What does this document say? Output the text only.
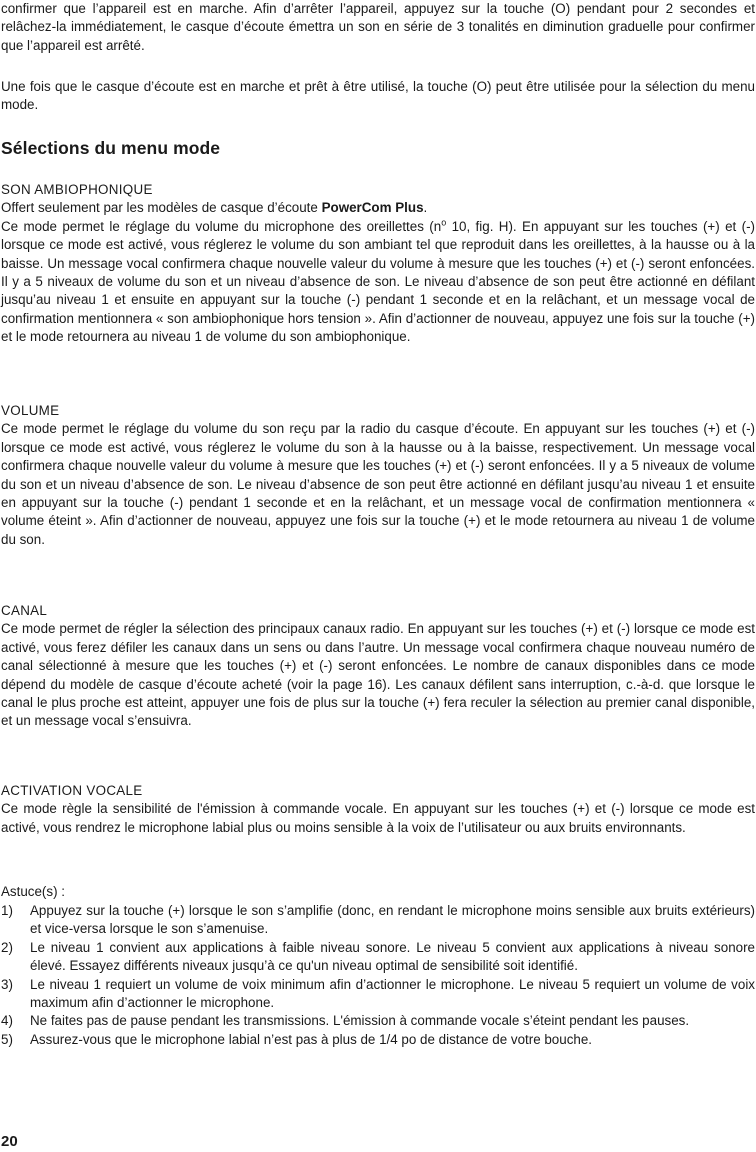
confirmer que l’appareil est en marche. Afin d’arrêter l’appareil, appuyez sur la touche (O) pendant pour 2 secondes et relâchez-la immédiatement, le casque d’écoute émettra un son en série de 3 tonalités en diminution graduelle pour confirmer que l’appareil est arrêté.

Une fois que le casque d’écoute est en marche et prêt à être utilisé, la touche (O) peut être utilisée pour la sélection du menu mode.

Sélections du menu mode
SON AMBIOPHONIQUE

Offert seulement par les modèles de casque d’écoute PowerCom Plus.

Ce mode permet le réglage du volume du microphone des oreillettes ($n^o$ 10, fig. H). En appuyant sur les touches (+) et (-) lorsque ce mode est activé, vous réglerez le volume du son ambiant tel que reproduit dans les oreillettes, à la hausse ou à la baisse. Un message vocal confirmera chaque nouvelle valeur du volume à mesure que les touches (+) et (-) seront enfoncées. Il y a 5 niveaux de volume du son et un niveau d’absence de son. Le niveau d’absence de son peut être actionné en défilant jusqu’au niveau 1 et ensuite en appuyant sur la touche (-) pendant 1 seconde et en la relâchant, et un message vocal de confirmation mentionnera « son ambiophonique hors tension ». Afin d’actionner de nouveau, appuyez une fois sur la touche (+) et le mode retournera au niveau 1 de volume du son ambiophonique.

VOLUME

Ce mode permet le réglage du volume du son reçu par la radio du casque d’écoute. En appuyant sur les touches (+) et (-) lorsque ce mode est activé, vous réglerez le volume du son à la hausse ou à la baisse, respectivement. Un message vocal confirmera chaque nouvelle valeur du volume à mesure que les touches (+) et (-) seront enfoncées. Il y a 5 niveaux de volume du son et un niveau d’absence de son. Le niveau d’absence de son peut être actionné en défilant jusqu’au niveau 1 et ensuite en appuyant sur la touche (-) pendant 1 seconde et en la relâchant, et un message vocal de confirmation mentionnera « volume éteint ». Afin d’actionner de nouveau, appuyez une fois sur la touche (+) et le mode retournera au niveau 1 de volume du son.

CANAL

Ce mode permet de régler la sélection des principaux canaux radio. En appuyant sur les touches (+) et (-) lorsque ce mode est activé, vous ferez défiler les canaux dans un sens ou dans l’autre. Un message vocal confirmera chaque nouveau numéro de canal sélectionné à mesure que les touches (+) et (-) seront enfoncées. Le nombre de canaux disponibles dans ce mode dépend du modèle de casque d’écoute acheté (voir la page 16). Les canaux défilent sans interruption, c.-à-d. que lorsque le canal le plus proche est atteint, appuyer une fois de plus sur la touche (+) fera reculer la sélection au premier canal disponible, et un message vocal s’ensuivra.

ACTIVATION VOCALE

Ce mode règle la sensibilité de l'émission à commande vocale. En appuyant sur les touches (+) et (-) lorsque ce mode est activé, vous rendrez le microphone labial plus ou moins sensible à la voix de l’utilisateur ou aux bruits environnants.

Astuce(s) :
1) Appuyez sur la touche (+) lorsque le son s’amplifie (donc, en rendant le microphone moins sensible aux bruits extérieurs) et vice-versa lorsque le son s’amenuise.
2) Le niveau 1 convient aux applications à faible niveau sonore. Le niveau 5 convient aux applications à niveau sonore élevé. Essayez différents niveaux jusqu’à ce qu'un niveau optimal de sensibilité soit identifié.
3) Le niveau 1 requiert un volume de voix minimum afin d’actionner le microphone. Le niveau 5 requiert un volume de voix maximum afin d’actionner le microphone.
4) Ne faites pas de pause pendant les transmissions. L'émission à commande vocale s’éteint pendant les pauses.
5) Assurez-vous que le microphone labial n’est pas à plus de 1/4 po de distance de votre bouche.
20
